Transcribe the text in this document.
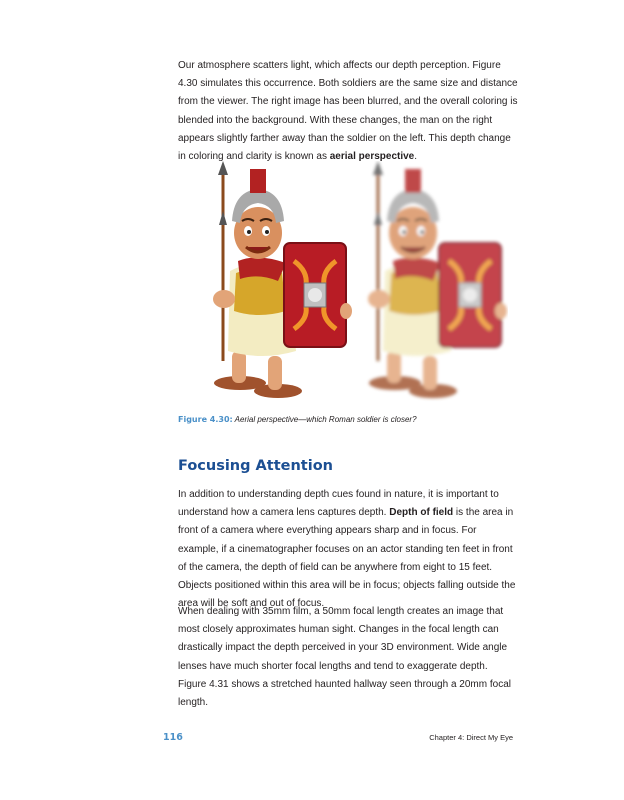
Our atmosphere scatters light, which affects our depth perception. Figure 4.30 simulates this occurrence. Both soldiers are the same size and distance from the viewer. The right image has been blurred, and the overall coloring is blended into the background. With these changes, the man on the right appears slightly farther away than the soldier on the left. This depth change in coloring and clarity is known as aerial perspective.

Figure 4.30: Aerial perspective—which Roman soldier is closer?
Focusing Attention

In addition to understanding depth cues found in nature, it is important to understand how a camera lens captures depth. Depth of field is the area in front of a camera where everything appears sharp and in focus. For example, if a cinematographer focuses on an actor standing ten feet in front of the camera, the depth of field can be anywhere from eight to 15 feet. Objects positioned within this area will be in focus; objects falling outside the area will be soft and out of focus.

When dealing with 35mm film, a 50mm focal length creates an image that most closely approximates human sight. Changes in the focal length can drastically impact the depth perceived in your 3D environment. Wide angle lenses have much shorter focal lengths and tend to exaggerate depth. Figure 4.31 shows a stretched haunted hallway seen through a 20mm focal length.

116	Chapter 4: Direct My Eye
